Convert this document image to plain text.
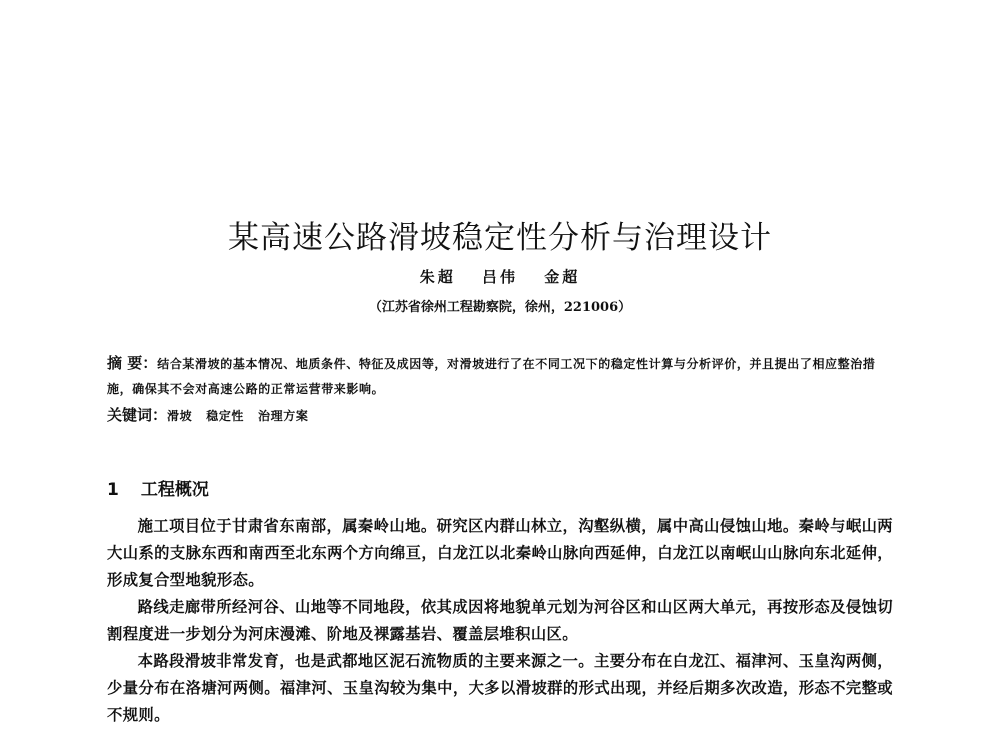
某高速公路滑坡稳定性分析与治理设计
朱超 吕伟 金超
（江苏省徐州工程勘察院，徐州，221006）
摘 要：结合某滑坡的基本情况、地质条件、特征及成因等，对滑坡进行了在不同工况下的稳定性计算与分析评价，并且提出了相应整治措施，确保其不会对高速公路的正常运营带来影响。
关键词：滑坡 稳定性 治理方案
1 工程概况

施工项目位于甘肃省东南部，属秦岭山地。研究区内群山林立，沟壑纵横，属中高山侵蚀山地。秦岭与岷山两大山系的支脉东西和南西至北东两个方向绵亘，白龙江以北秦岭山脉向西延伸，白龙江以南岷山山脉向东北延伸，形成复合型地貌形态。

路线走廊带所经河谷、山地等不同地段，依其成因将地貌单元划为河谷区和山区两大单元，再按形态及侵蚀切割程度进一步划分为河床漫滩、阶地及裸露基岩、覆盖层堆积山区。

本路段滑坡非常发育，也是武都地区泥石流物质的主要来源之一。主要分布在白龙江、福津河、玉皇沟两侧，少量分布在洛塘河两侧。福津河、玉皇沟较为集中，大多以滑坡群的形式出现，并经后期多次改造，形态不完整或不规则。
